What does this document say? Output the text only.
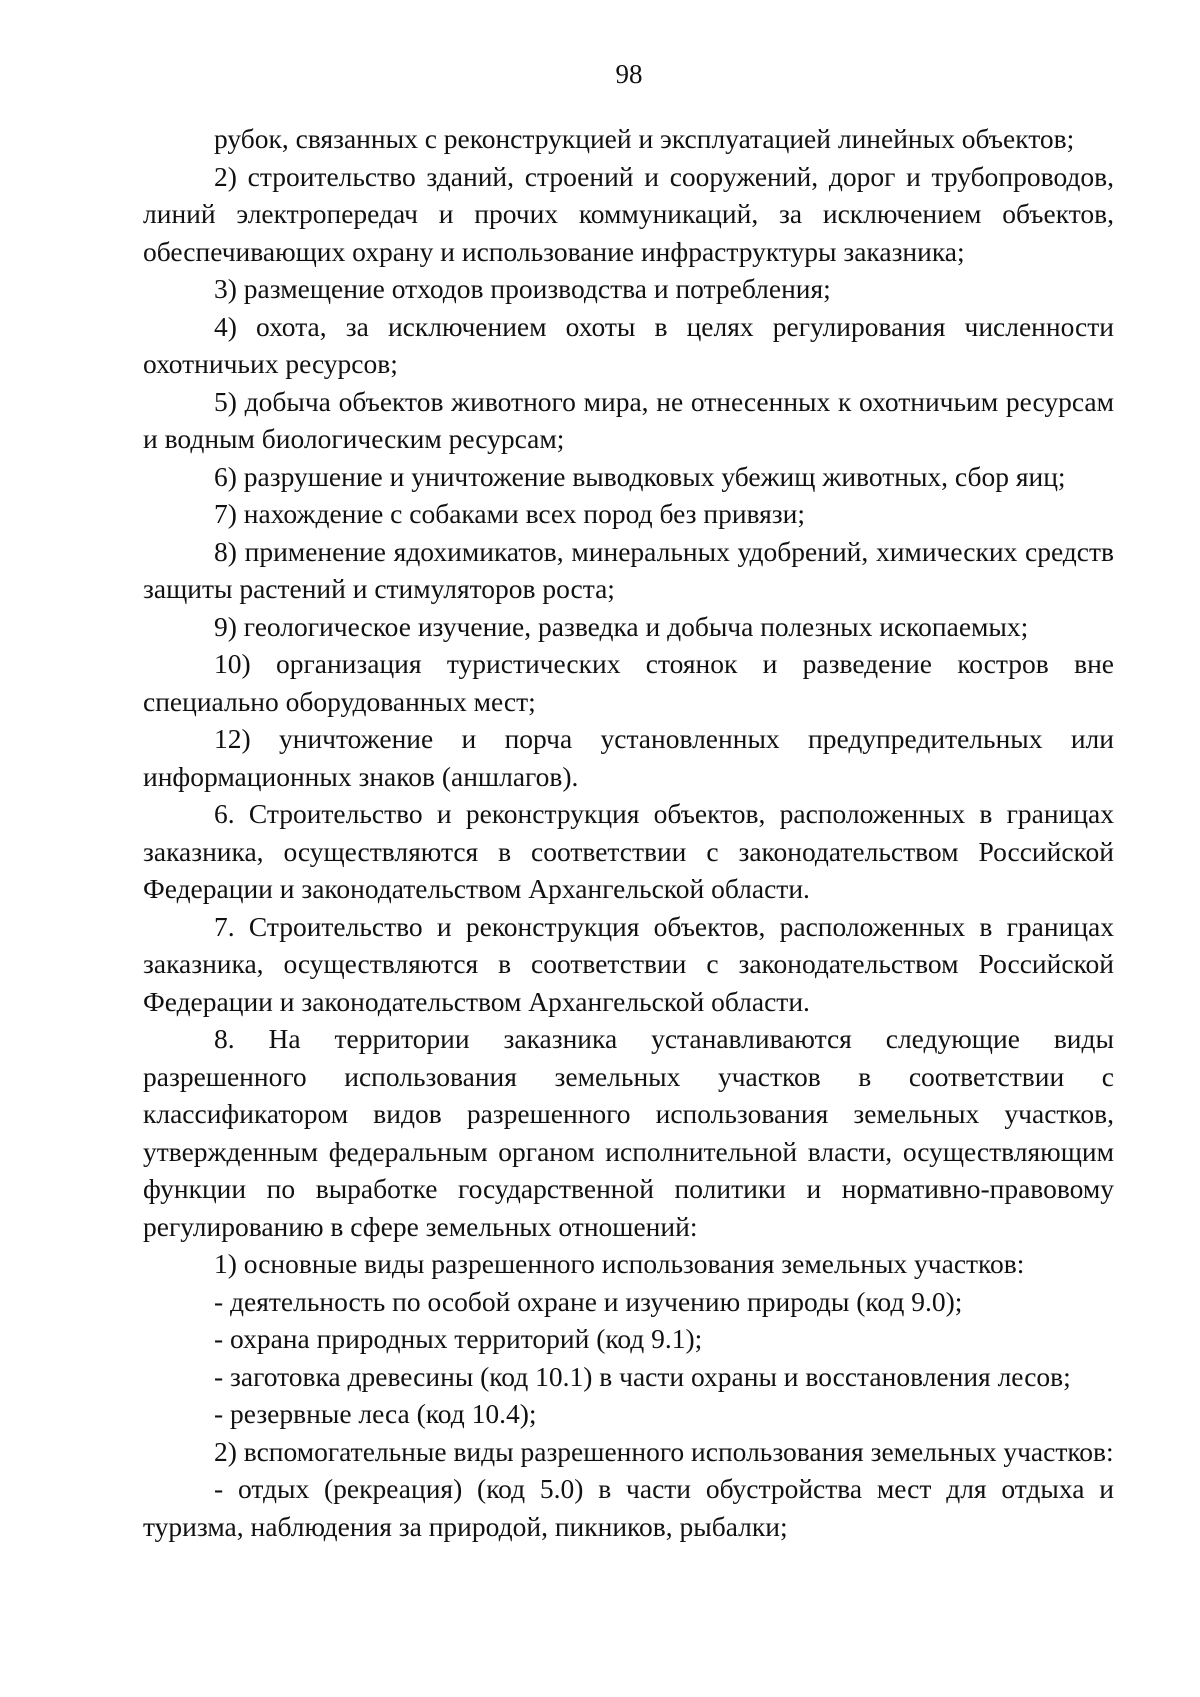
98

рубок, связанных с реконструкцией и эксплуатацией линейных объектов;

2) строительство зданий, строений и сооружений, дорог и трубопроводов, линий электропередач и прочих коммуникаций, за исключением объектов, обеспечивающих охрану и использование инфраструктуры заказника;

3) размещение отходов производства и потребления;

4) охота, за исключением охоты в целях регулирования численности охотничьих ресурсов;

5) добыча объектов животного мира, не отнесенных к охотничьим ресурсам и водным биологическим ресурсам;

6) разрушение и уничтожение выводковых убежищ животных, сбор яиц;

7) нахождение с собаками всех пород без привязи;

8) применение ядохимикатов, минеральных удобрений, химических средств защиты растений и стимуляторов роста;

9) геологическое изучение, разведка и добыча полезных ископаемых;

10) организация туристических стоянок и разведение костров вне специально оборудованных мест;

12) уничтожение и порча установленных предупредительных или информационных знаков (аншлагов).

6. Строительство и реконструкция объектов, расположенных в границах заказника, осуществляются в соответствии с законодательством Российской Федерации и законодательством Архангельской области.

7. Строительство и реконструкция объектов, расположенных в границах заказника, осуществляются в соответствии с законодательством Российской Федерации и законодательством Архангельской области.

8. На территории заказника устанавливаются следующие виды разрешенного использования земельных участков в соответствии с классификатором видов разрешенного использования земельных участков, утвержденным федеральным органом исполнительной власти, осуществляющим функции по выработке государственной политики и нормативно-правовому регулированию в сфере земельных отношений:

1) основные виды разрешенного использования земельных участков:

- деятельность по особой охране и изучению природы (код 9.0);

- охрана природных территорий (код 9.1);

- заготовка древесины (код 10.1) в части охраны и восстановления лесов;

- резервные леса (код 10.4);

2) вспомогательные виды разрешенного использования земельных участков:

- отдых (рекреация) (код 5.0) в части обустройства мест для отдыха и туризма, наблюдения за природой, пикников, рыбалки;
